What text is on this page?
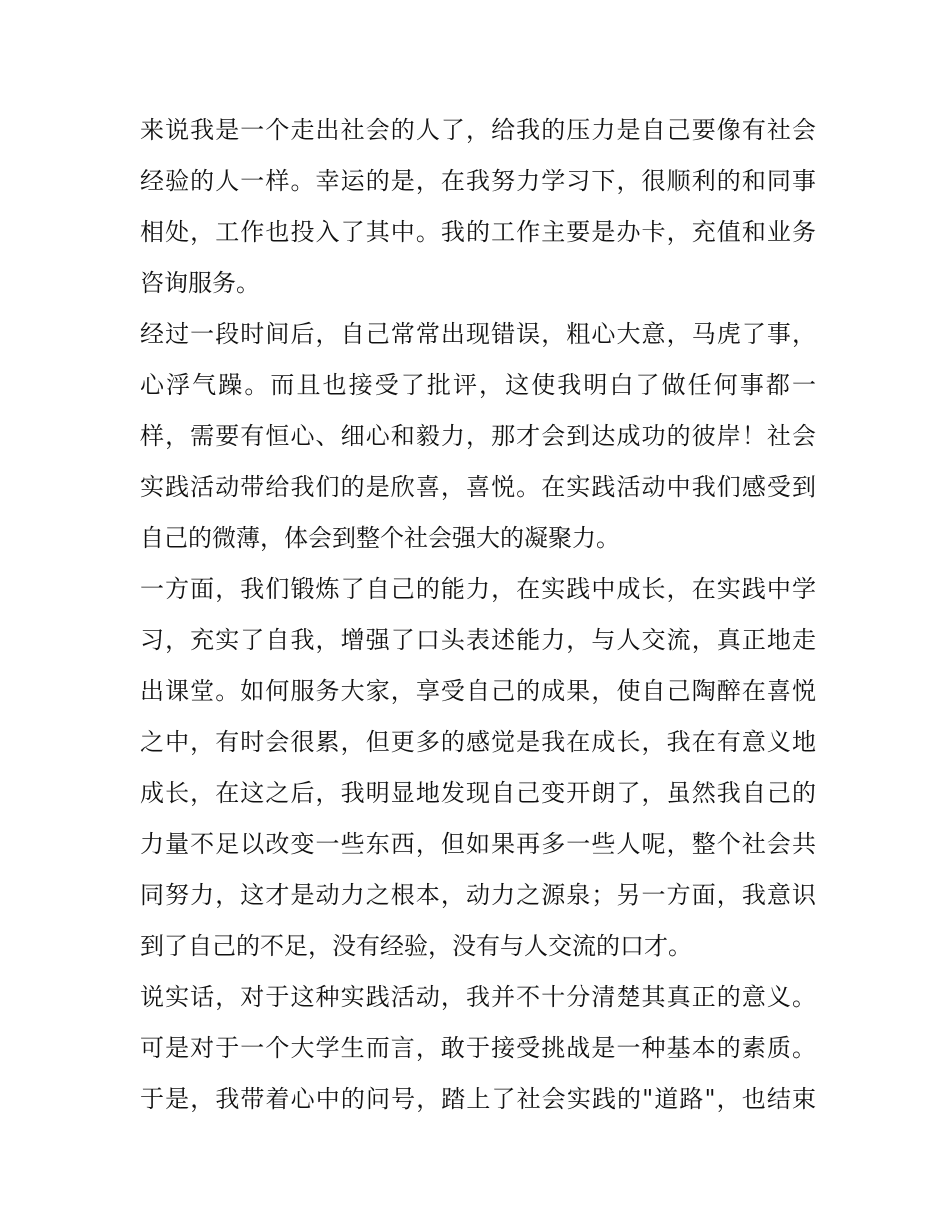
来说我是一个走出社会的人了，给我的压力是自己要像有社会
经验的人一样。幸运的是，在我努力学习下，很顺利的和同事
相处，工作也投入了其中。我的工作主要是办卡，充值和业务
咨询服务。
经过一段时间后，自己常常出现错误，粗心大意，马虎了事，
心浮气躁。而且也接受了批评，这使我明白了做任何事都一
样，需要有恒心、细心和毅力，那才会到达成功的彼岸！社会
实践活动带给我们的是欣喜，喜悦。在实践活动中我们感受到
自己的微薄，体会到整个社会强大的凝聚力。
一方面，我们锻炼了自己的能力，在实践中成长，在实践中学
习，充实了自我，增强了口头表述能力，与人交流，真正地走
出课堂。如何服务大家，享受自己的成果，使自己陶醉在喜悦
之中，有时会很累，但更多的感觉是我在成长，我在有意义地
成长，在这之后，我明显地发现自己变开朗了，虽然我自己的
力量不足以改变一些东西，但如果再多一些人呢，整个社会共
同努力，这才是动力之根本，动力之源泉；另一方面，我意识
到了自己的不足，没有经验，没有与人交流的口才。
说实话，对于这种实践活动，我并不十分清楚其真正的意义。
可是对于一个大学生而言，敢于接受挑战是一种基本的素质。
于是，我带着心中的问号，踏上了社会实践的"道路"，也结束
